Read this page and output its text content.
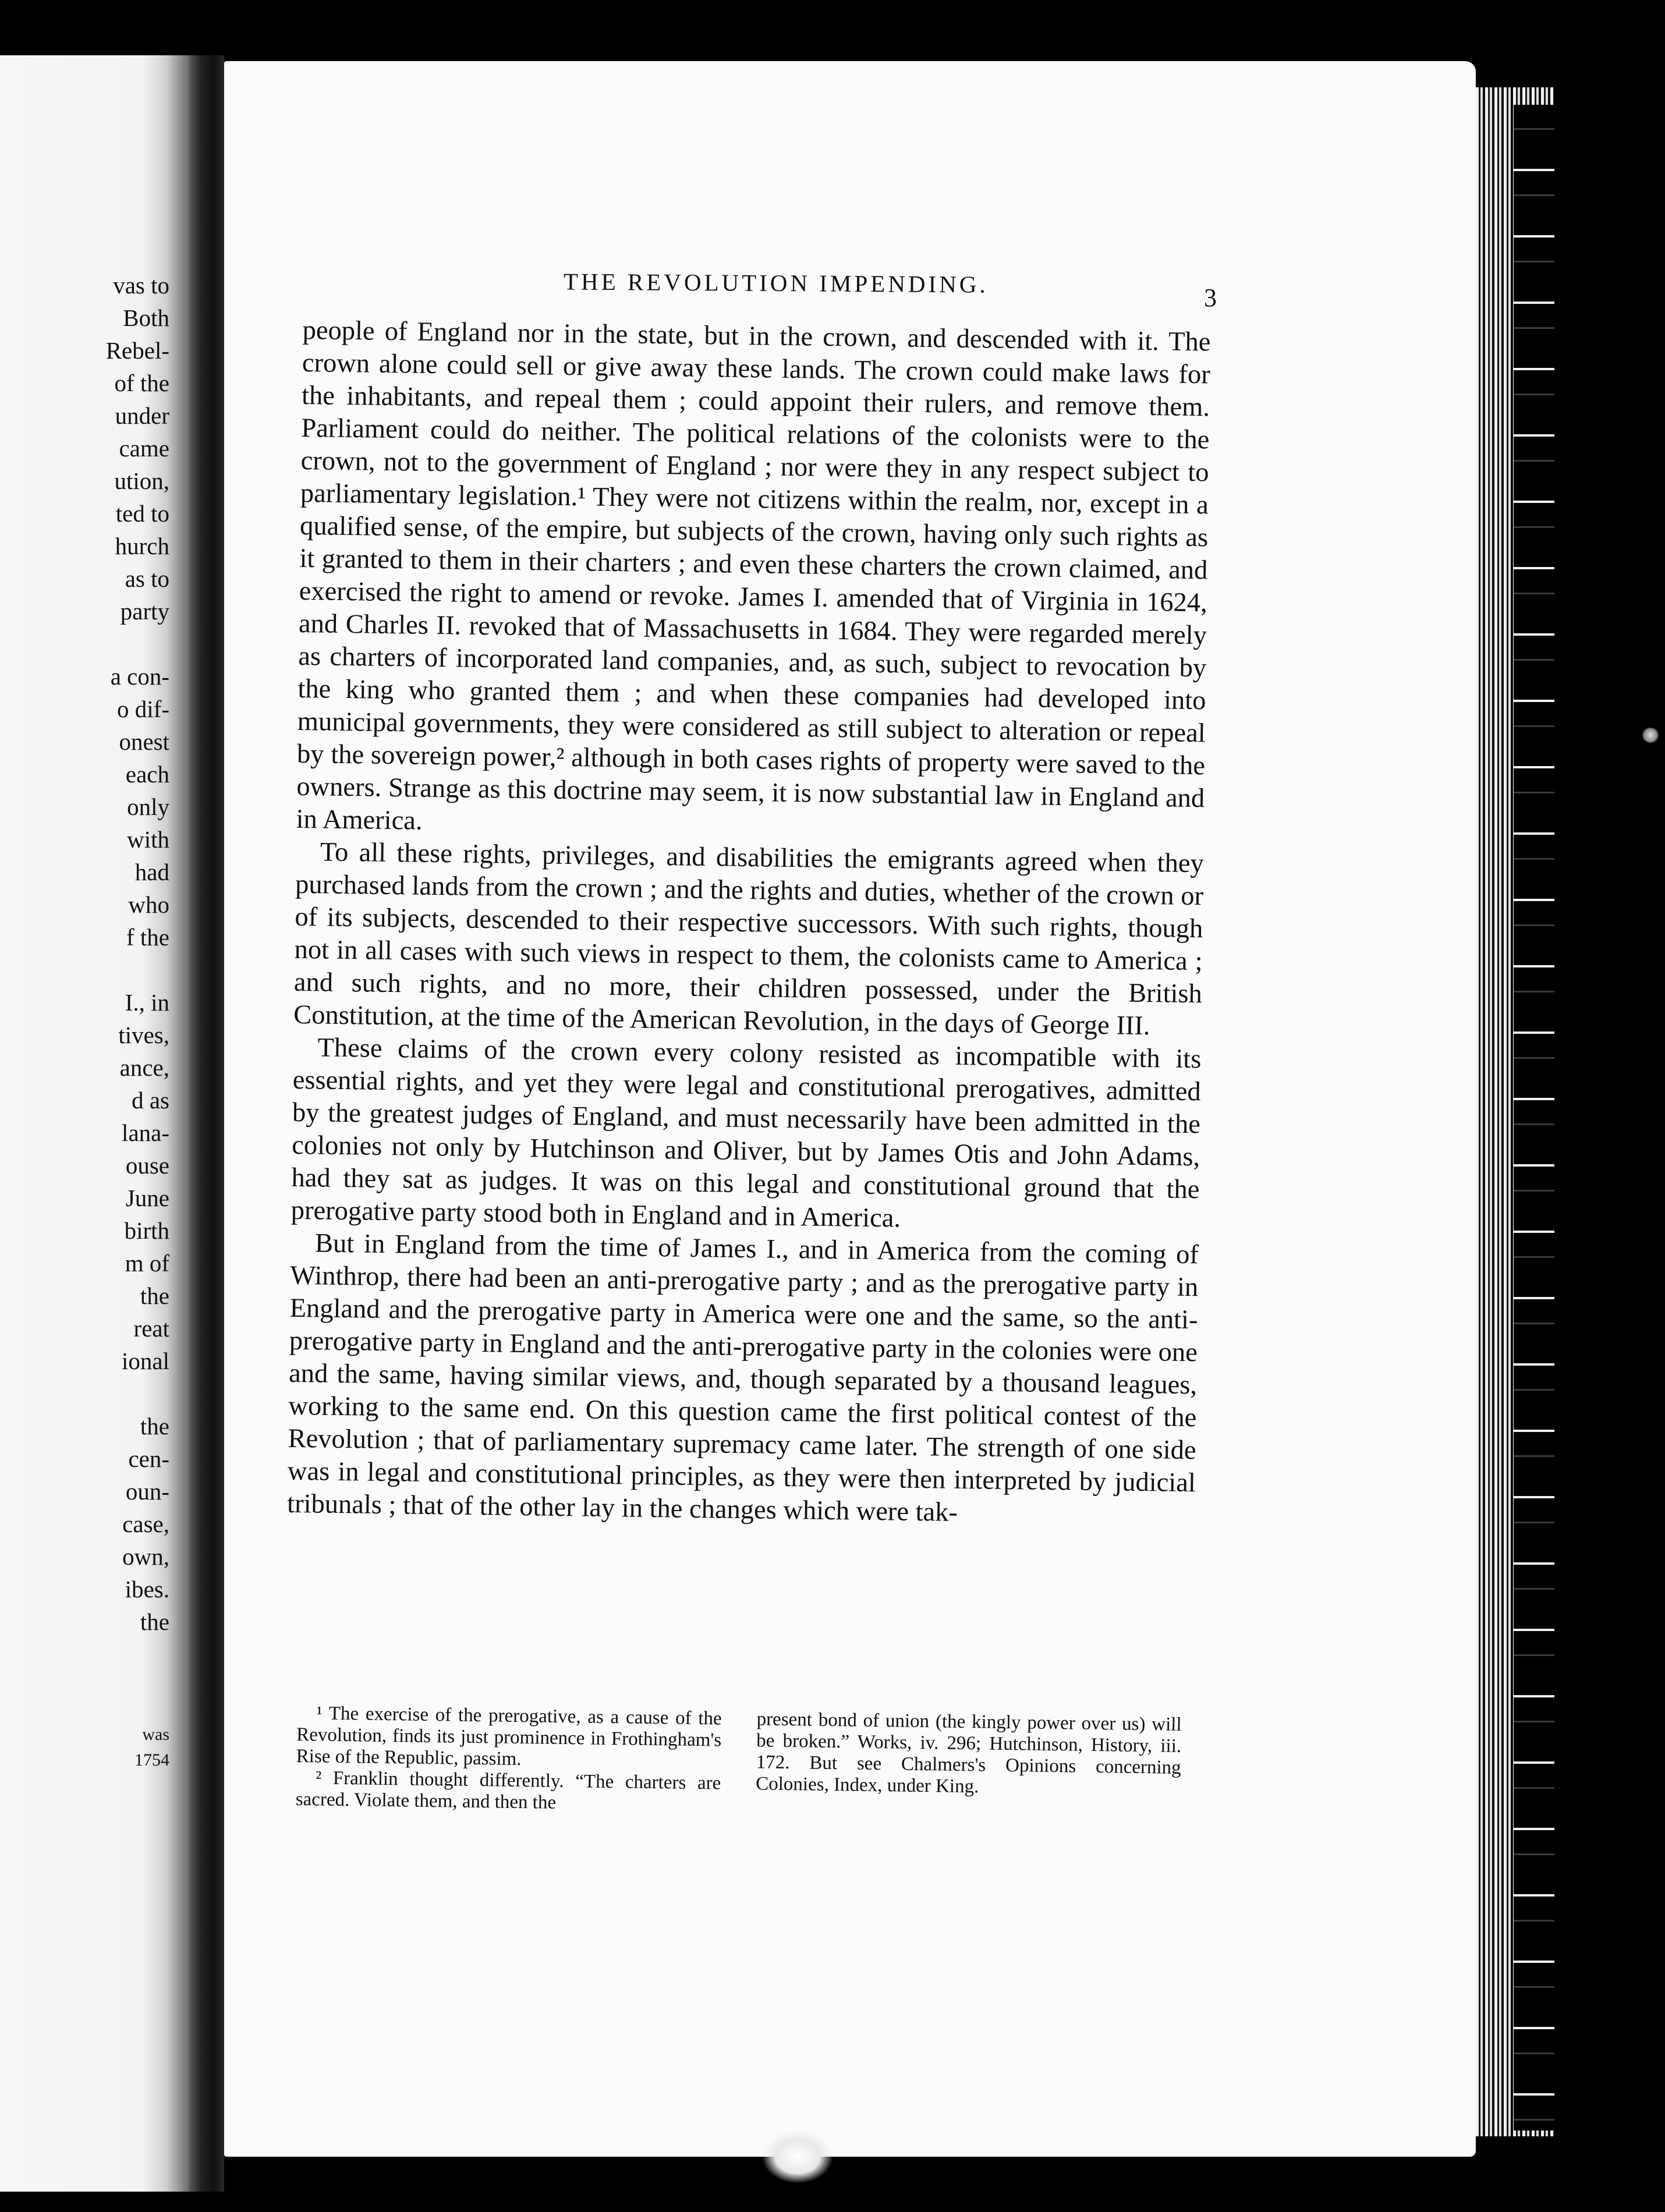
vas to
Both
Rebel-
of the
under
came
ution,
ted to
hurch
as to
party
a con-
o dif-
onest
each
only
with
had
who
f the
I., in
tives,
ance,
d as
lana-
ouse
June
birth
m of
the
reat
ional
the
cen-
oun-
case,
own,
ibes.
the
was
1754
THE REVOLUTION IMPENDING.	3

people of England nor in the state, but in the crown, and descended with it. The crown alone could sell or give away these lands. The crown could make laws for the inhabitants, and repeal them ; could appoint their rulers, and remove them. Parliament could do neither. The political relations of the colonists were to the crown, not to the government of England ; nor were they in any respect subject to parliamentary legislation.¹ They were not citizens within the realm, nor, except in a qualified sense, of the empire, but subjects of the crown, having only such rights as it granted to them in their charters ; and even these charters the crown claimed, and exercised the right to amend or revoke. James I. amended that of Virginia in 1624, and Charles II. revoked that of Massachusetts in 1684. They were regarded merely as charters of incorporated land companies, and, as such, subject to revocation by the king who granted them ; and when these companies had developed into municipal governments, they were considered as still subject to alteration or repeal by the sovereign power,² although in both cases rights of property were saved to the owners. Strange as this doctrine may seem, it is now substantial law in England and in America.

To all these rights, privileges, and disabilities the emigrants agreed when they purchased lands from the crown ; and the rights and duties, whether of the crown or of its subjects, descended to their respective successors. With such rights, though not in all cases with such views in respect to them, the colonists came to America ; and such rights, and no more, their children possessed, under the British Constitution, at the time of the American Revolution, in the days of George III.

These claims of the crown every colony resisted as incompatible with its essential rights, and yet they were legal and constitutional prerogatives, admitted by the greatest judges of England, and must necessarily have been admitted in the colonies not only by Hutchinson and Oliver, but by James Otis and John Adams, had they sat as judges. It was on this legal and constitutional ground that the prerogative party stood both in England and in America.

But in England from the time of James I., and in America from the coming of Winthrop, there had been an anti-prerogative party ; and as the prerogative party in England and the prerogative party in America were one and the same, so the anti-prerogative party in England and the anti-prerogative party in the colonies were one and the same, having similar views, and, though separated by a thousand leagues, working to the same end. On this question came the first political contest of the Revolution ; that of parliamentary supremacy came later. The strength of one side was in legal and constitutional principles, as they were then interpreted by judicial tribunals ; that of the other lay in the changes which were tak-

¹ The exercise of the prerogative, as a cause of the Revolution, finds its just prominence in Frothingham's Rise of the Republic, passim.

² Franklin thought differently. “The charters are sacred. Violate them, and then the

present bond of union (the kingly power over us) will be broken.” Works, iv. 296; Hutchinson, History, iii. 172. But see Chalmers's Opinions concerning Colonies, Index, under King.
